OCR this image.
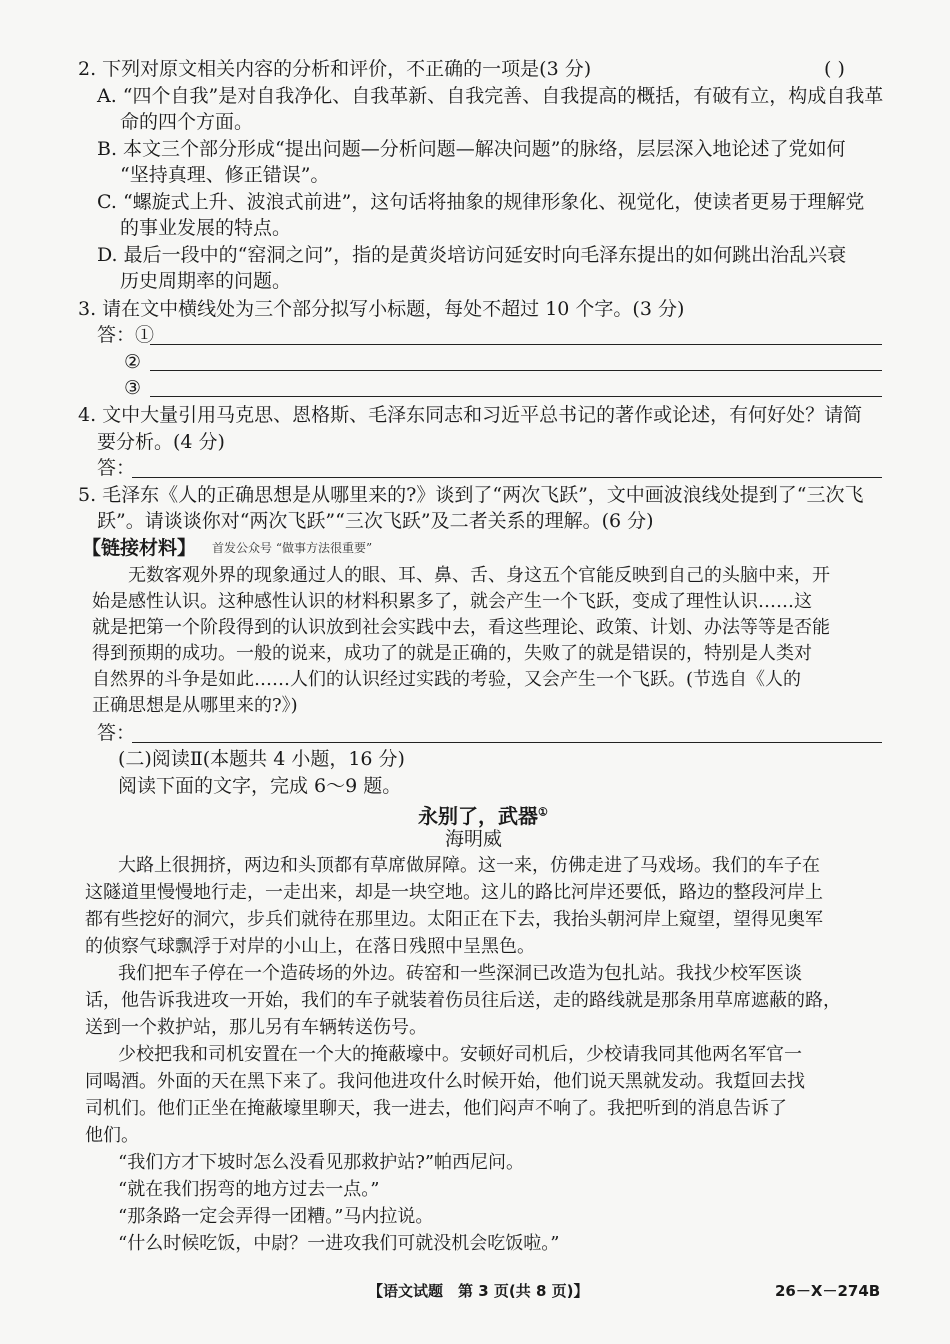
2. 下列对原文相关内容的分析和评价，不正确的一项是(3 分)	( )
A. “四个自我”是对自我净化、自我革新、自我完善、自我提高的概括，有破有立，构成自我革
命的四个方面。
B. 本文三个部分形成“提出问题—分析问题—解决问题”的脉络，层层深入地论述了党如何
“坚持真理、修正错误”。
C. “螺旋式上升、波浪式前进”，这句话将抽象的规律形象化、视觉化，使读者更易于理解党
的事业发展的特点。
D. 最后一段中的“窑洞之问”，指的是黄炎培访问延安时向毛泽东提出的如何跳出治乱兴衰
历史周期率的问题。
3. 请在文中横线处为三个部分拟写小标题，每处不超过 10 个字。(3 分)
答：①
②
③
4. 文中大量引用马克思、恩格斯、毛泽东同志和习近平总书记的著作或论述，有何好处？请简
要分析。(4 分)
答：
5. 毛泽东《人的正确思想是从哪里来的?》谈到了“两次飞跃”，文中画波浪线处提到了“三次飞
跃”。请谈谈你对“两次飞跃”“三次飞跃”及二者关系的理解。(6 分)
【链接材料】 首发公众号 “做事方法很重要”
无数客观外界的现象通过人的眼、耳、鼻、舌、身这五个官能反映到自己的头脑中来，开
始是感性认识。这种感性认识的材料积累多了，就会产生一个飞跃，变成了理性认识……这
就是把第一个阶段得到的认识放到社会实践中去，看这些理论、政策、计划、办法等等是否能
得到预期的成功。一般的说来，成功了的就是正确的，失败了的就是错误的，特别是人类对
自然界的斗争是如此……人们的认识经过实践的考验，又会产生一个飞跃。(节选自《人的
正确思想是从哪里来的?》)
答：
(二)阅读Ⅱ(本题共 4 小题，16 分)
阅读下面的文字，完成 6～9 题。
永别了，武器①
海明威
大路上很拥挤，两边和头顶都有草席做屏障。这一来，仿佛走进了马戏场。我们的车子在
这隧道里慢慢地行走，一走出来，却是一块空地。这儿的路比河岸还要低，路边的整段河岸上
都有些挖好的洞穴，步兵们就待在那里边。太阳正在下去，我抬头朝河岸上窥望，望得见奥军
的侦察气球飘浮于对岸的小山上，在落日残照中呈黑色。
我们把车子停在一个造砖场的外边。砖窑和一些深洞已改造为包扎站。我找少校军医谈
话，他告诉我进攻一开始，我们的车子就装着伤员往后送，走的路线就是那条用草席遮蔽的路，
送到一个救护站，那儿另有车辆转送伤号。
少校把我和司机安置在一个大的掩蔽壕中。安顿好司机后，少校请我同其他两名军官一
同喝酒。外面的天在黑下来了。我问他进攻什么时候开始，他们说天黑就发动。我踅回去找
司机们。他们正坐在掩蔽壕里聊天，我一进去，他们闷声不响了。我把听到的消息告诉了
他们。
“我们方才下坡时怎么没看见那救护站?”帕西尼问。
“就在我们拐弯的地方过去一点。”
“那条路一定会弄得一团糟。”马内拉说。
“什么时候吃饭，中尉？一进攻我们可就没机会吃饭啦。”
【语文试题　第 3 页(共 8 页)】	26－X－274B
